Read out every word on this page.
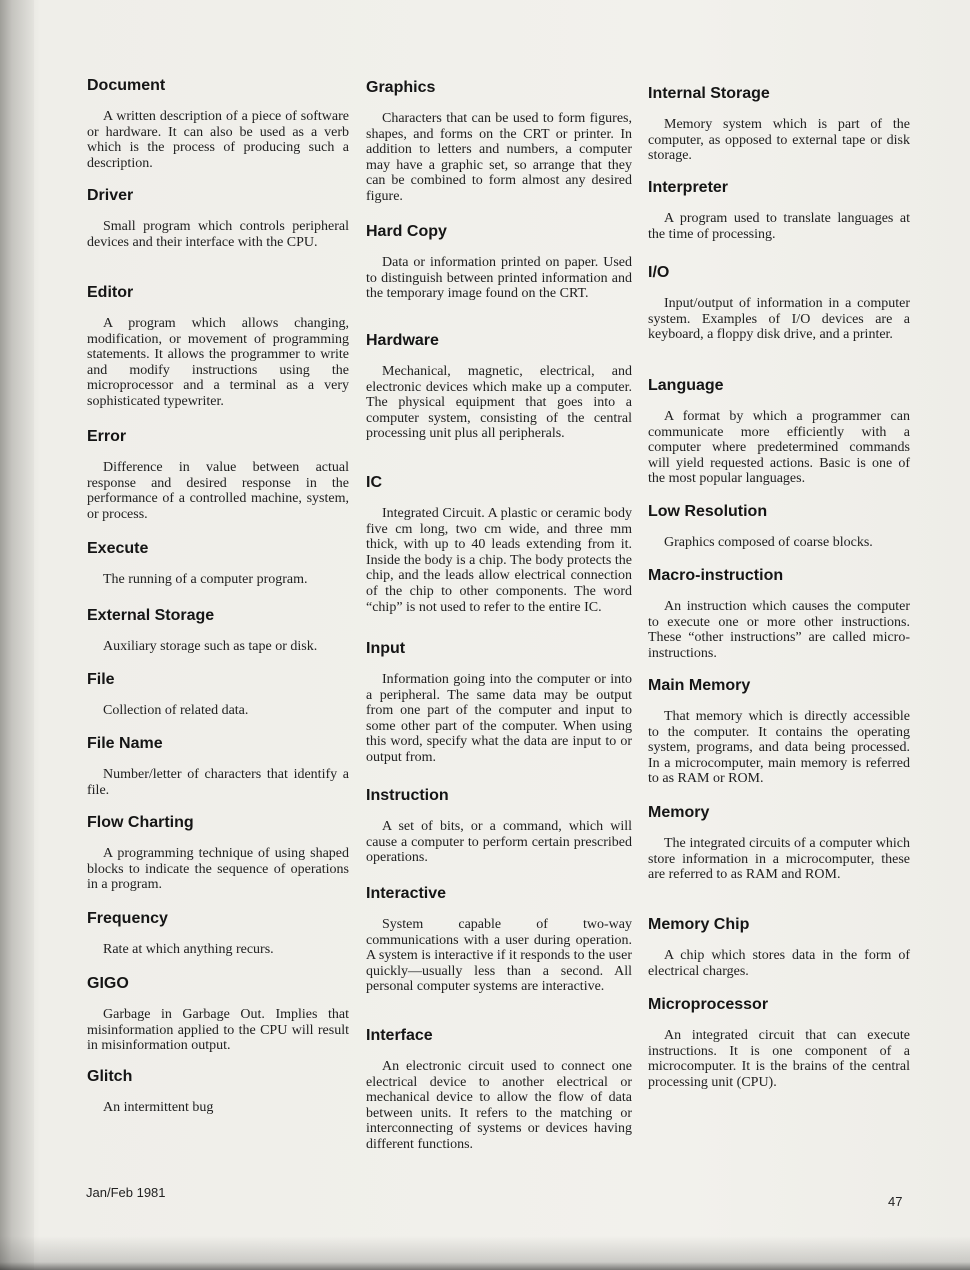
Document

A written description of a piece of software or hardware. It can also be used as a verb which is the process of producing such a description.

Driver

Small program which controls peripheral devices and their interface with the CPU.

Editor

A program which allows changing, modification, or movement of programming statements. It allows the programmer to write and modify instructions using the microprocessor and a terminal as a very sophisticated typewriter.

Error

Difference in value between actual response and desired response in the performance of a controlled machine, system, or process.

Execute

The running of a computer program.

External Storage

Auxiliary storage such as tape or disk.

File

Collection of related data.

File Name

Number/letter of characters that identify a file.

Flow Charting

A programming technique of using shaped blocks to indicate the sequence of operations in a program.

Frequency

Rate at which anything recurs.

GIGO

Garbage in Garbage Out. Implies that misinformation applied to the CPU will result in misinformation output.

Glitch

An intermittent bug

Graphics

Characters that can be used to form figures, shapes, and forms on the CRT or printer. In addition to letters and numbers, a computer may have a graphic set, so arrange that they can be combined to form almost any desired figure.

Hard Copy

Data or information printed on paper. Used to distinguish between printed information and the temporary image found on the CRT.

Hardware

Mechanical, magnetic, electrical, and electronic devices which make up a computer. The physical equipment that goes into a computer system, consisting of the central processing unit plus all peripherals.

IC

Integrated Circuit. A plastic or ceramic body five cm long, two cm wide, and three mm thick, with up to 40 leads extending from it. Inside the body is a chip. The body protects the chip, and the leads allow electrical connection of the chip to other components. The word “chip” is not used to refer to the entire IC.

Input

Information going into the computer or into a peripheral. The same data may be output from one part of the computer and input to some other part of the computer. When using this word, specify what the data are input to or output from.

Instruction

A set of bits, or a command, which will cause a computer to perform certain prescribed operations.

Interactive

System capable of two-way communications with a user during operation. A system is interactive if it responds to the user quickly—usually less than a second. All personal computer systems are interactive.

Interface

An electronic circuit used to connect one electrical device to another electrical or mechanical device to allow the flow of data between units. It refers to the matching or interconnecting of systems or devices having different functions.

Internal Storage

Memory system which is part of the computer, as opposed to external tape or disk storage.

Interpreter

A program used to translate languages at the time of processing.

I/O

Input/output of information in a computer system. Examples of I/O devices are a keyboard, a floppy disk drive, and a printer.

Language

A format by which a programmer can communicate more efficiently with a computer where predetermined commands will yield requested actions. Basic is one of the most popular languages.

Low Resolution

Graphics composed of coarse blocks.

Macro-instruction

An instruction which causes the computer to execute one or more other instructions. These “other instructions” are called micro-instructions.

Main Memory

That memory which is directly accessible to the computer. It contains the operating system, programs, and data being processed. In a microcomputer, main memory is referred to as RAM or ROM.

Memory

The integrated circuits of a computer which store information in a microcomputer, these are referred to as RAM and ROM.

Memory Chip

A chip which stores data in the form of electrical charges.

Microprocessor

An integrated circuit that can execute instructions. It is one component of a microcomputer. It is the brains of the central processing unit (CPU).

Jan/Feb 1981
47
